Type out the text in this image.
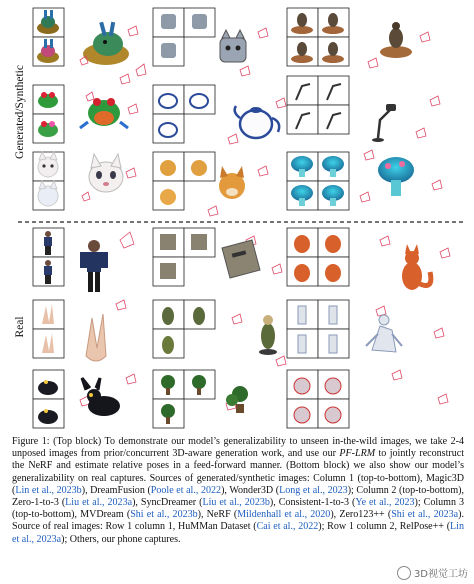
Generated/Synthetic
Real
Figure 1: (Top block) To demonstrate our model’s generalizability to unseen in-the-wild images, we take 2-4 unposed images from prior/concurrent 3D-aware generation work, and use our PF-LRM to jointly reconstruct the NeRF and estimate relative poses in a feed-forward manner. (Bottom block) we also show our model’s generalizability on real captures. Sources of generated/synthetic images: Column 1 (top-to-bottom), Magic3D (Lin et al., 2023b), DreamFusion (Poole et al., 2022), Wonder3D (Long et al., 2023); Column 2 (top-to-bottom), Zero-1-to-3 (Liu et al., 2023a), SyncDreamer (Liu et al., 2023b), Consistent-1-to-3 (Ye et al., 2023); Column 3 (top-to-bottom), MVDream (Shi et al., 2023b), NeRF (Mildenhall et al., 2020), Zero123++ (Shi et al., 2023a). Source of real images: Row 1 column 1, HuMMan Dataset (Cai et al., 2022); Row 1 column 2, RelPose++ (Lin et al., 2023a); Others, our phone captures.
3D视觉工坊
